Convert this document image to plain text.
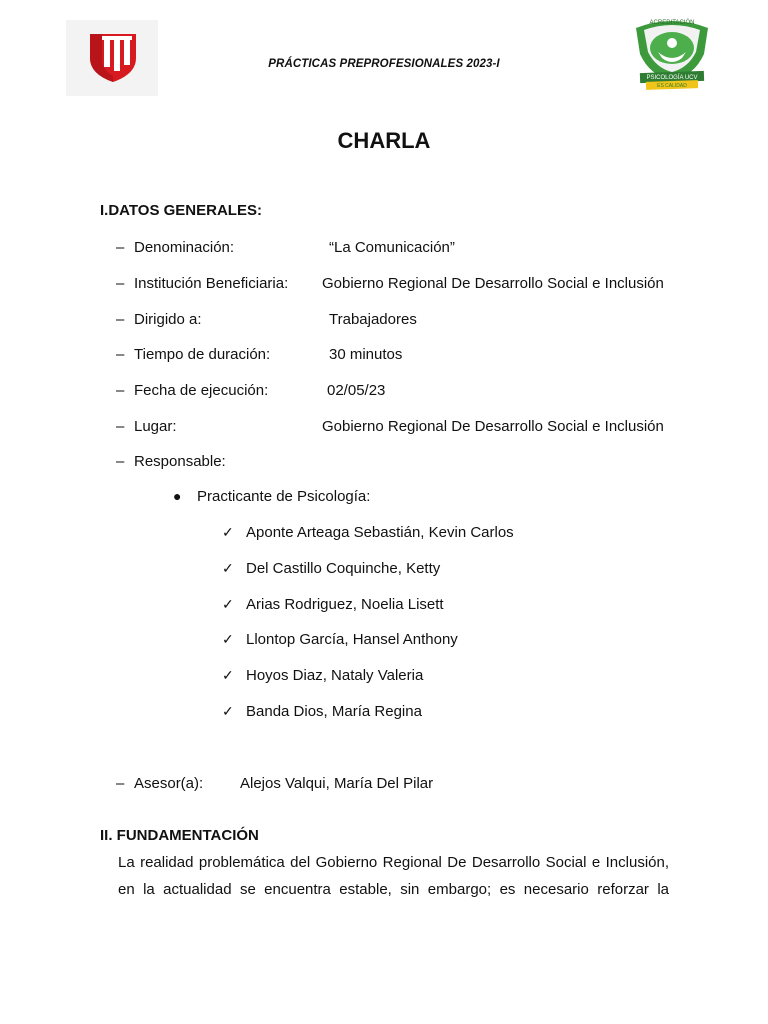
ACREDITACIÓN
PSICOLOGÍA UCV
ES CALIDAD
PRÁCTICAS PREPROFESIONALES 2023-I
CHARLA
I.DATOS GENERALES:
– Denominación:	“La Comunicación”
– Institución Beneficiaria: Gobierno Regional De Desarrollo Social e Inclusión
– Dirigido a:	Trabajadores
– Tiempo de duración:	30 minutos
– Fecha de ejecución:	02/05/23
– Lugar:	Gobierno Regional De Desarrollo Social e Inclusión
– Responsable:
● Practicante de Psicología:
✓ Aponte Arteaga Sebastián, Kevin Carlos
✓ Del Castillo Coquinche, Ketty
✓ Arias Rodriguez, Noelia Lisett
✓ Llontop García, Hansel Anthony
✓ Hoyos Diaz, Nataly Valeria
✓ Banda Dios, María Regina
– Asesor(a): Alejos Valqui, María Del Pilar
II. FUNDAMENTACIÓN
La realidad problemática del Gobierno Regional De Desarrollo Social e Inclusión,
en la actualidad se encuentra estable, sin embargo; es necesario reforzar la
